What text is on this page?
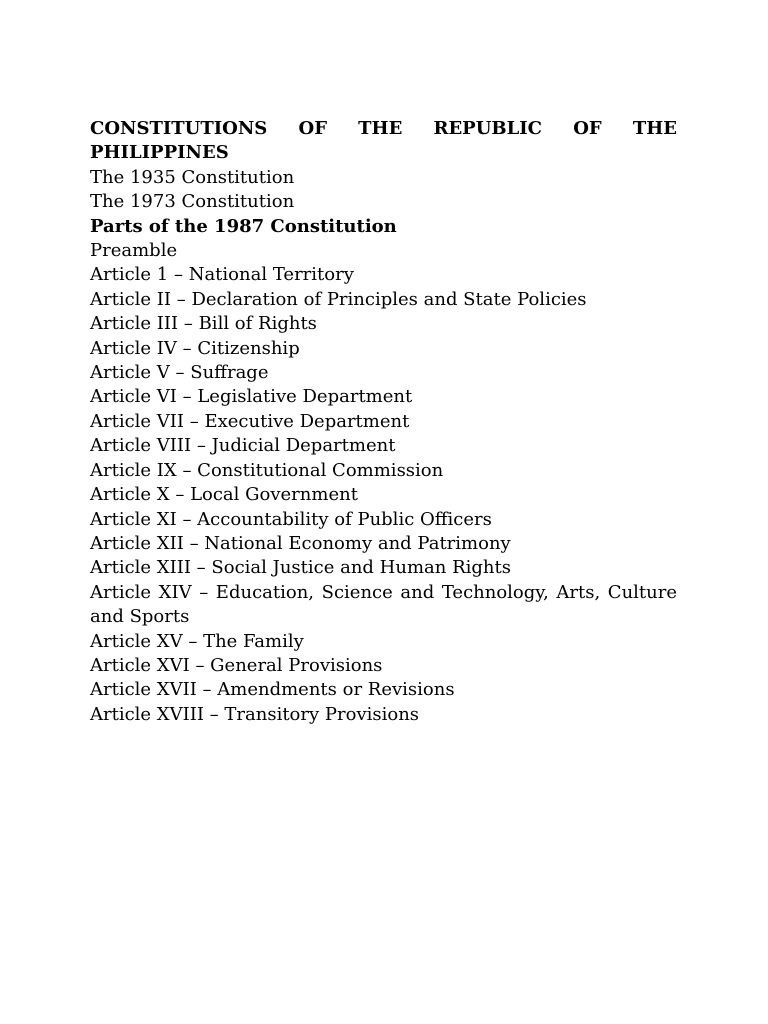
CONSTITUTIONS OF THE REPUBLIC OF THE PHILIPPINES

The 1935 Constitution

The 1973 Constitution

Parts of the 1987 Constitution

Preamble

Article 1 – National Territory

Article II – Declaration of Principles and State Policies

Article III – Bill of Rights

Article IV – Citizenship

Article V – Suffrage

Article VI – Legislative Department

Article VII – Executive Department

Article VIII – Judicial Department

Article IX – Constitutional Commission

Article X – Local Government

Article XI – Accountability of Public Officers

Article XII – National Economy and Patrimony

Article XIII – Social Justice and Human Rights

Article XIV – Education, Science and Technology, Arts, Culture and Sports

Article XV – The Family

Article XVI – General Provisions

Article XVII – Amendments or Revisions

Article XVIII – Transitory Provisions
